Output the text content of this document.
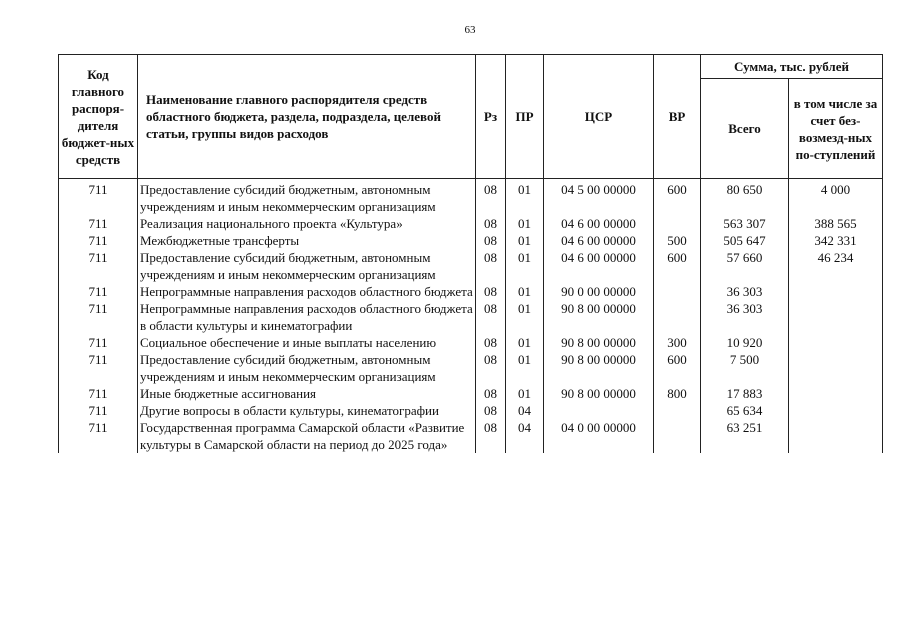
63
Код главного распоря-дителя бюджет-ных средств	Наименование главного распорядителя средств областного бюджета, раздела, подраздела, целевой статьи, группы видов расходов	Рз	ПР	ЦСР	ВР	Сумма, тыс. рублей	
						Всего	в том числе за счет без-возмезд-ных по-ступлений
711	Предоставление субсидий бюджетным, автономным учреждениям и иным некоммерческим организациям	08	01	04 5 00 00000	600	80 650	4 000
711	Реализация национального проекта «Культура»	08	01	04 6 00 00000		563 307	388 565
711	Межбюджетные трансферты	08	01	04 6 00 00000	500	505 647	342 331
711	Предоставление субсидий бюджетным, автономным учреждениям и иным некоммерческим организациям	08	01	04 6 00 00000	600	57 660	46 234
711	Непрограммные направления расходов областного бюджета	08	01	90 0 00 00000		36 303	
711	Непрограммные направления расходов областного бюджета в области культуры и кинематографии	08	01	90 8 00 00000		36 303	
711	Социальное обеспечение и иные выплаты населению	08	01	90 8 00 00000	300	10 920	
711	Предоставление субсидий бюджетным, автономным учреждениям и иным некоммерческим организациям	08	01	90 8 00 00000	600	7 500	
711	Иные бюджетные ассигнования	08	01	90 8 00 00000	800	17 883	
711	Другие вопросы в области культуры, кинематографии	08	04			65 634	
711	Государственная программа Самарской области «Развитие культуры в Самарской области на период до 2025 года»	08	04	04 0 00 00000		63 251	
